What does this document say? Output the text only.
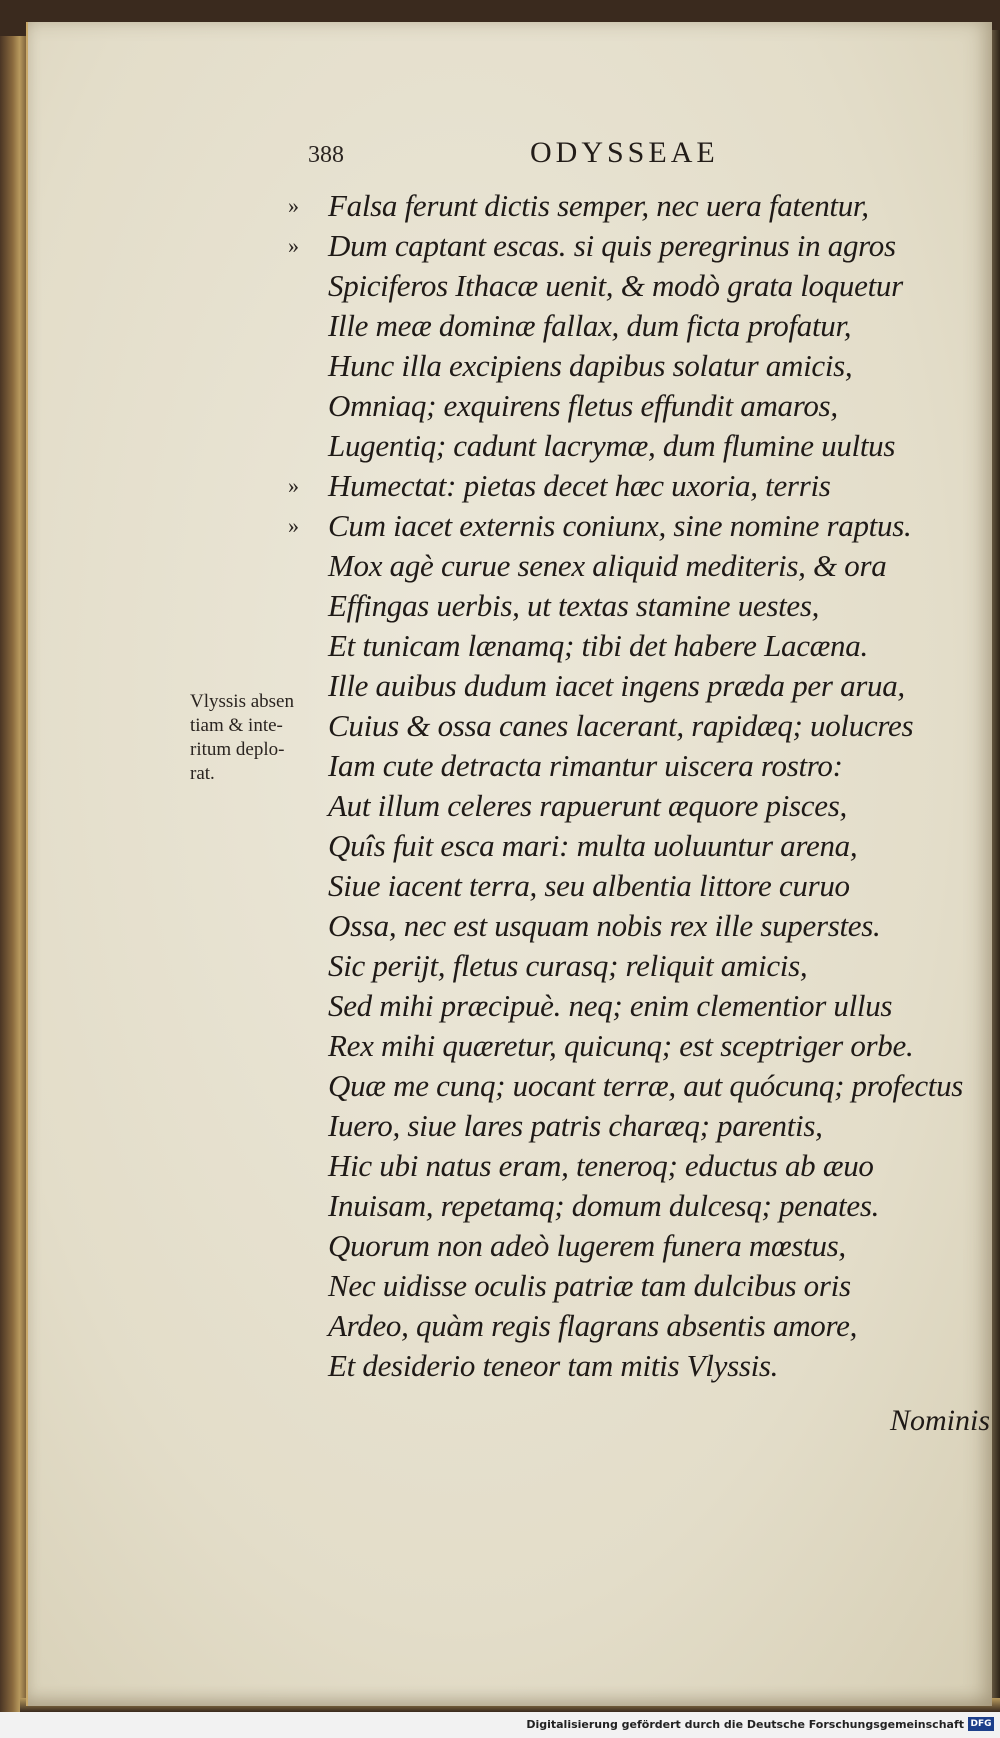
388	ODYSSEAE
» Falsa ferunt dictis semper, nec uera fatentur,
» Dum captant escas. si quis peregrinus in agros
Spiciferos Ithacæ uenit, & modò grata loquetur
Ille meæ dominæ fallax, dum ficta profatur,
Hunc illa excipiens dapibus solatur amicis,
Omniaq; exquirens fletus effundit amaros,
Lugentiq; cadunt lacrymæ, dum flumine uultus
» Humectat: pietas decet hæc uxoria, terris
» Cum iacet externis coniunx, sine nomine raptus.
Mox agè curue senex aliquid mediteris, & ora
Effingas uerbis, ut textas stamine uestes,
Et tunicam lænamq; tibi det habere Lacæna.
Ille auibus dudum iacet ingens præda per arua,
Cuius & ossa canes lacerant, rapidæq; uolucres
Iam cute detracta rimantur uiscera rostro:
Aut illum celeres rapuerunt æquore pisces,
Quîs fuit esca mari: multa uoluuntur arena,
Siue iacent terra, seu albentia littore curuo
Ossa, nec est usquam nobis rex ille superstes.
Sic perijt, fletus curasq; reliquit amicis,
Sed mihi præcipuè. neq; enim clementior ullus
Rex mihi quæretur, quicunq; est sceptriger orbe.
Quæ me cunq; uocant terræ, aut quócunq; profectus
Iuero, siue lares patris charæq; parentis,
Hic ubi natus eram, teneroq; eductus ab æuo
Inuisam, repetamq; domum dulcesq; penates.
Quorum non adeò lugerem funera mœstus,
Nec uidisse oculis patriæ tam dulcibus oris
Ardeo, quàm regis flagrans absentis amore,
Et desiderio teneor tam mitis Vlyssis.
Vlyssis absen
tiam & inte-
ritum deplo-
rat.
Nominis
Digitalisierung gefördert durch die Deutsche Forschungsgemeinschaft DFG
